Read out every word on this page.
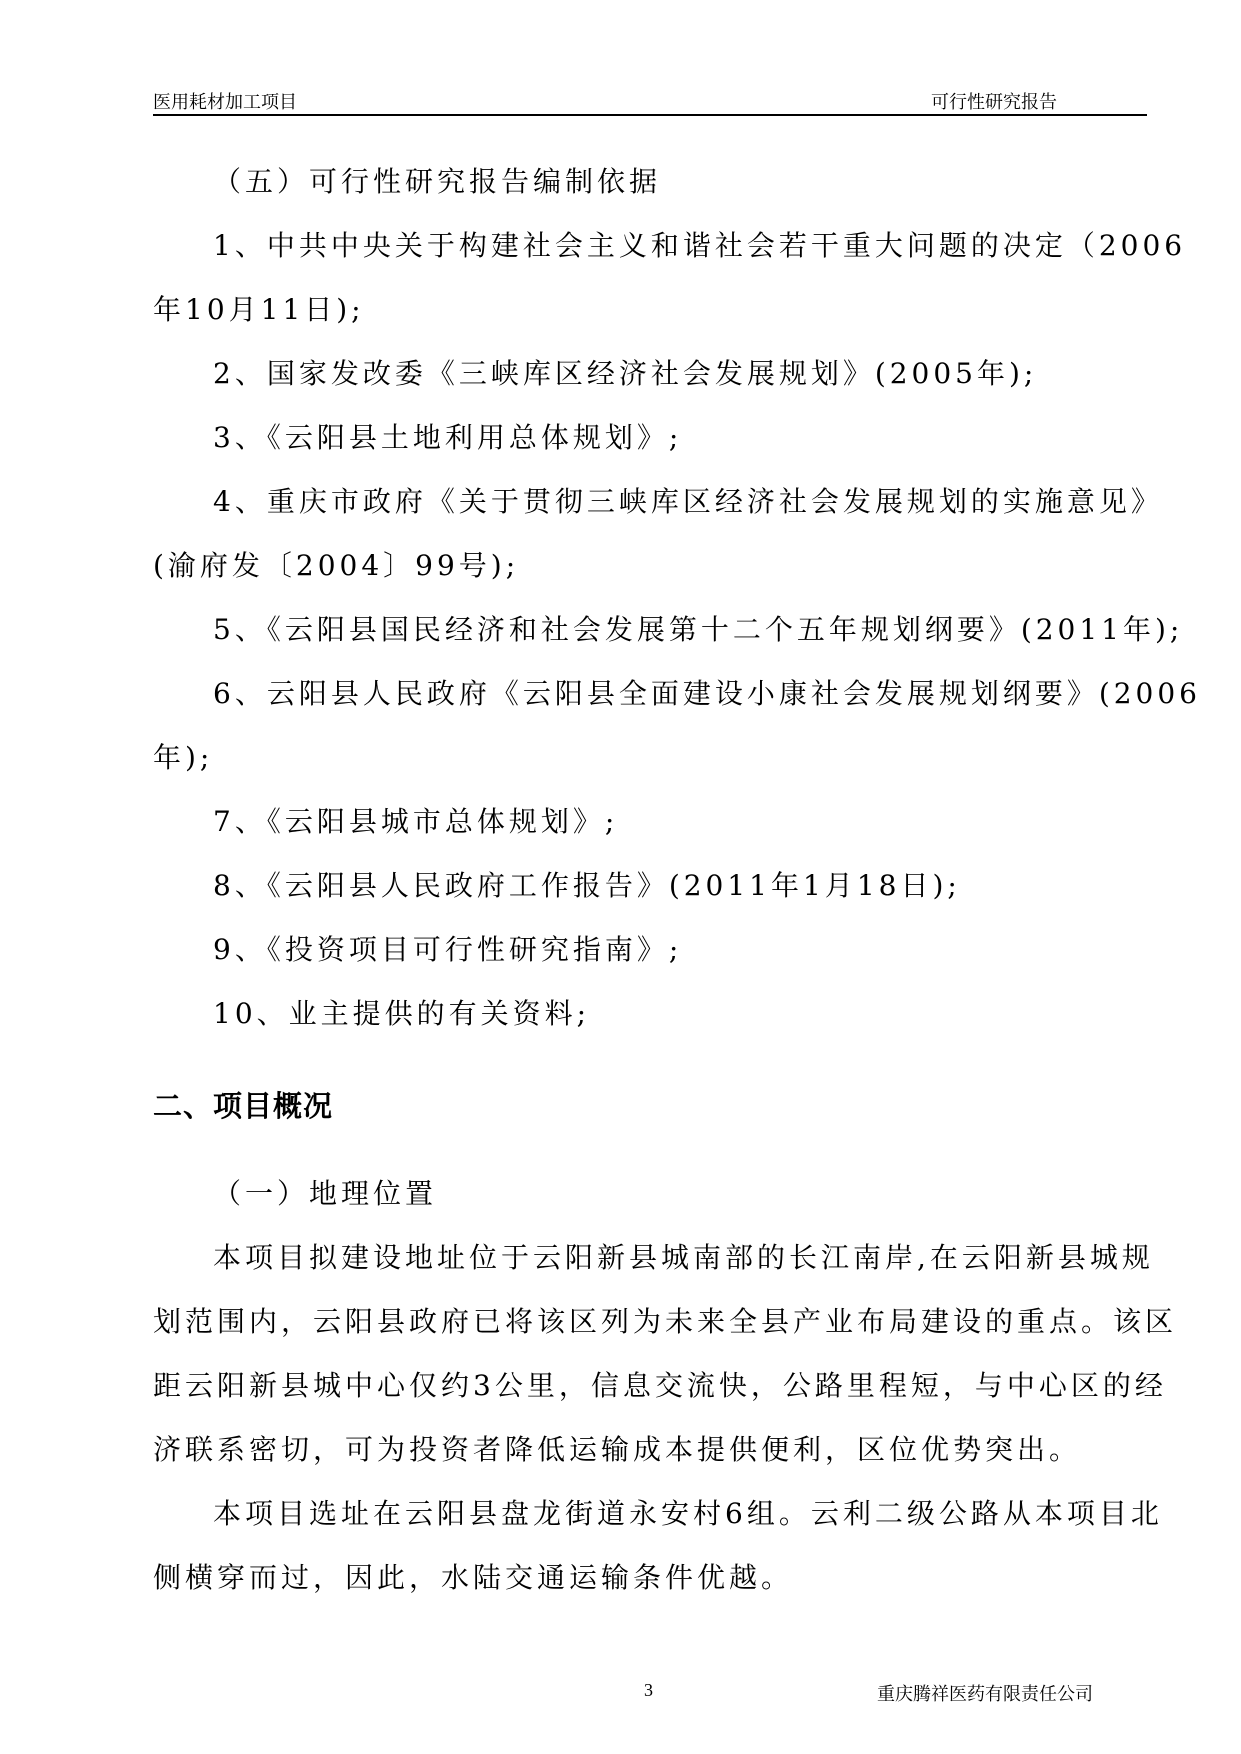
医用耗材加工项目	可行性研究报告

（五）可行性研究报告编制依据

1、中共中央关于构建社会主义和谐社会若干重大问题的决定（2006

年10月11日);

2、国家发改委《三峡库区经济社会发展规划》(2005年);

3、《云阳县土地利用总体规划》;

4、重庆市政府《关于贯彻三峡库区经济社会发展规划的实施意见》

(渝府发〔2004〕99号);

5、《云阳县国民经济和社会发展第十二个五年规划纲要》(2011年);

6、云阳县人民政府《云阳县全面建设小康社会发展规划纲要》(2006

年);

7、《云阳县城市总体规划》;

8、《云阳县人民政府工作报告》(2011年1月18日);

9、《投资项目可行性研究指南》;

10、业主提供的有关资料;

二、项目概况

（一）地理位置

本项目拟建设地址位于云阳新县城南部的长江南岸,在云阳新县城规

划范围内，云阳县政府已将该区列为未来全县产业布局建设的重点。该区

距云阳新县城中心仅约3公里，信息交流快，公路里程短，与中心区的经

济联系密切，可为投资者降低运输成本提供便利，区位优势突出。

本项目选址在云阳县盘龙街道永安村6组。云利二级公路从本项目北

侧横穿而过，因此，水陆交通运输条件优越。

3	重庆腾祥医药有限责任公司
